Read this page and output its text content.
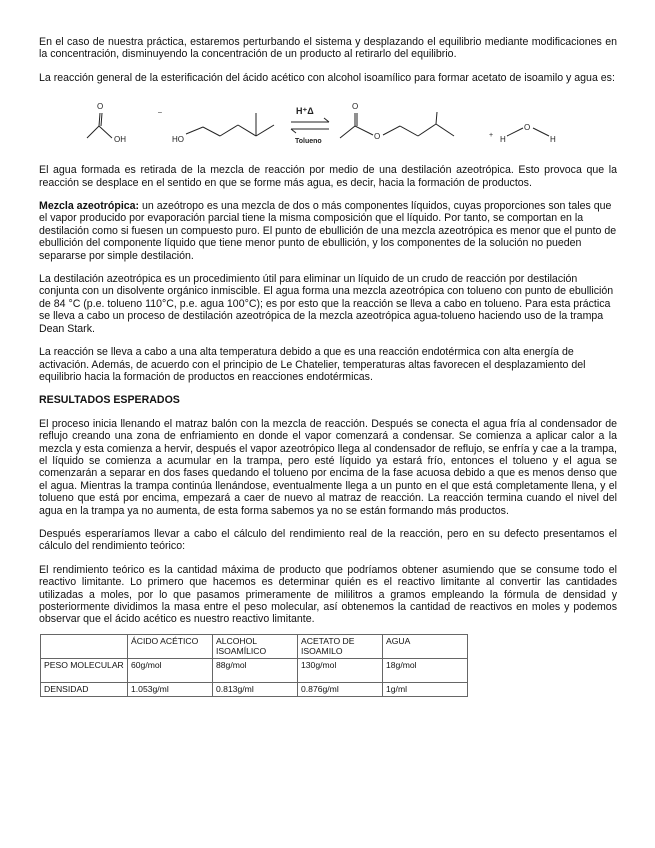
En el caso de nuestra práctica, estaremos perturbando el sistema y desplazando el equilibrio mediante modificaciones en la concentración, disminuyendo la concentración de un producto al retirarlo del equilibrio.

La reacción general de la esterificación del ácido acético con alcohol isoamílico para formar acetato de isoamilo y agua es:

O
OH
–
HO
H⁺Δ
Tolueno
O
O	+ H
O
H

El agua formada es retirada de la mezcla de reacción por medio de una destilación azeotrópica. Esto provoca que la reacción se desplace en el sentido en que se forme más agua, es decir, hacia la formación de productos.

Mezcla azeotrópica: un azeótropo es una mezcla de dos o más componentes líquidos, cuyas proporciones son tales que el vapor producido por evaporación parcial tiene la misma composición que el líquido. Por tanto, se comportan en la destilación como si fuesen un compuesto puro. El punto de ebullición de una mezcla azeotrópica es menor que el punto de ebullición del componente líquido que tiene menor punto de ebullición, y los componentes de la solución no pueden separarse por simple destilación.

La destilación azeotrópica es un procedimiento útil para eliminar un líquido de un crudo de reacción por destilación conjunta con un disolvente orgánico inmiscible. El agua forma una mezcla azeotrópica con tolueno con punto de ebullición de 84 °C (p.e. tolueno 110°C, p.e. agua 100°C); es por esto que la reacción se lleva a cabo en tolueno. Para esta práctica se lleva a cabo un proceso de destilación azeotrópica de la mezcla azeotrópica agua-tolueno haciendo uso de la trampa Dean Stark.

La reacción se lleva a cabo a una alta temperatura debido a que es una reacción endotérmica con alta energía de activación. Además, de acuerdo con el principio de Le Chatelier, temperaturas altas favorecen el desplazamiento del equilibrio hacia la formación de productos en reacciones endotérmicas.

RESULTADOS ESPERADOS

El proceso inicia llenando el matraz balón con la mezcla de reacción. Después se conecta el agua fría al condensador de reflujo creando una zona de enfriamiento en donde el vapor comenzará a condensar. Se comienza a aplicar calor a la mezcla y esta comienza a hervir, después el vapor azeotrópico llega al condensador de reflujo, se enfría y cae a la trampa, el líquido se comienza a acumular en la trampa, pero esté líquido ya estará frío, entonces el tolueno y el agua se comenzarán a separar en dos fases quedando el tolueno por encima de la fase acuosa debido a que es menos denso que el agua. Mientras la trampa continúa llenándose, eventualmente llega a un punto en el que está completamente llena, y el tolueno que está por encima, empezará a caer de nuevo al matraz de reacción. La reacción termina cuando el nivel del agua en la trampa ya no aumenta, de esta forma sabemos ya no se están formando más productos.

Después esperaríamos llevar a cabo el cálculo del rendimiento real de la reacción, pero en su defecto presentamos el cálculo del rendimiento teórico:

El rendimiento teórico es la cantidad máxima de producto que podríamos obtener asumiendo que se consume todo el reactivo limitante. Lo primero que hacemos es determinar quién es el reactivo limitante al convertir las cantidades utilizadas a moles, por lo que pasamos primeramente de mililitros a gramos empleando la fórmula de densidad y posteriormente dividimos la masa entre el peso molecular, así obtenemos la cantidad de reactivos en moles y podemos observar que el ácido acético es nuestro reactivo limitante.

	ÁCIDO ACÉTICO	ALCOHOL ISOAMÍLICO	ACETATO DE ISOAMILO	AGUA
PESO MOLECULAR	60g/mol	88g/mol	130g/mol	18g/mol
DENSIDAD	1.053g/ml	0.813g/ml	0.876g/ml	1g/ml
